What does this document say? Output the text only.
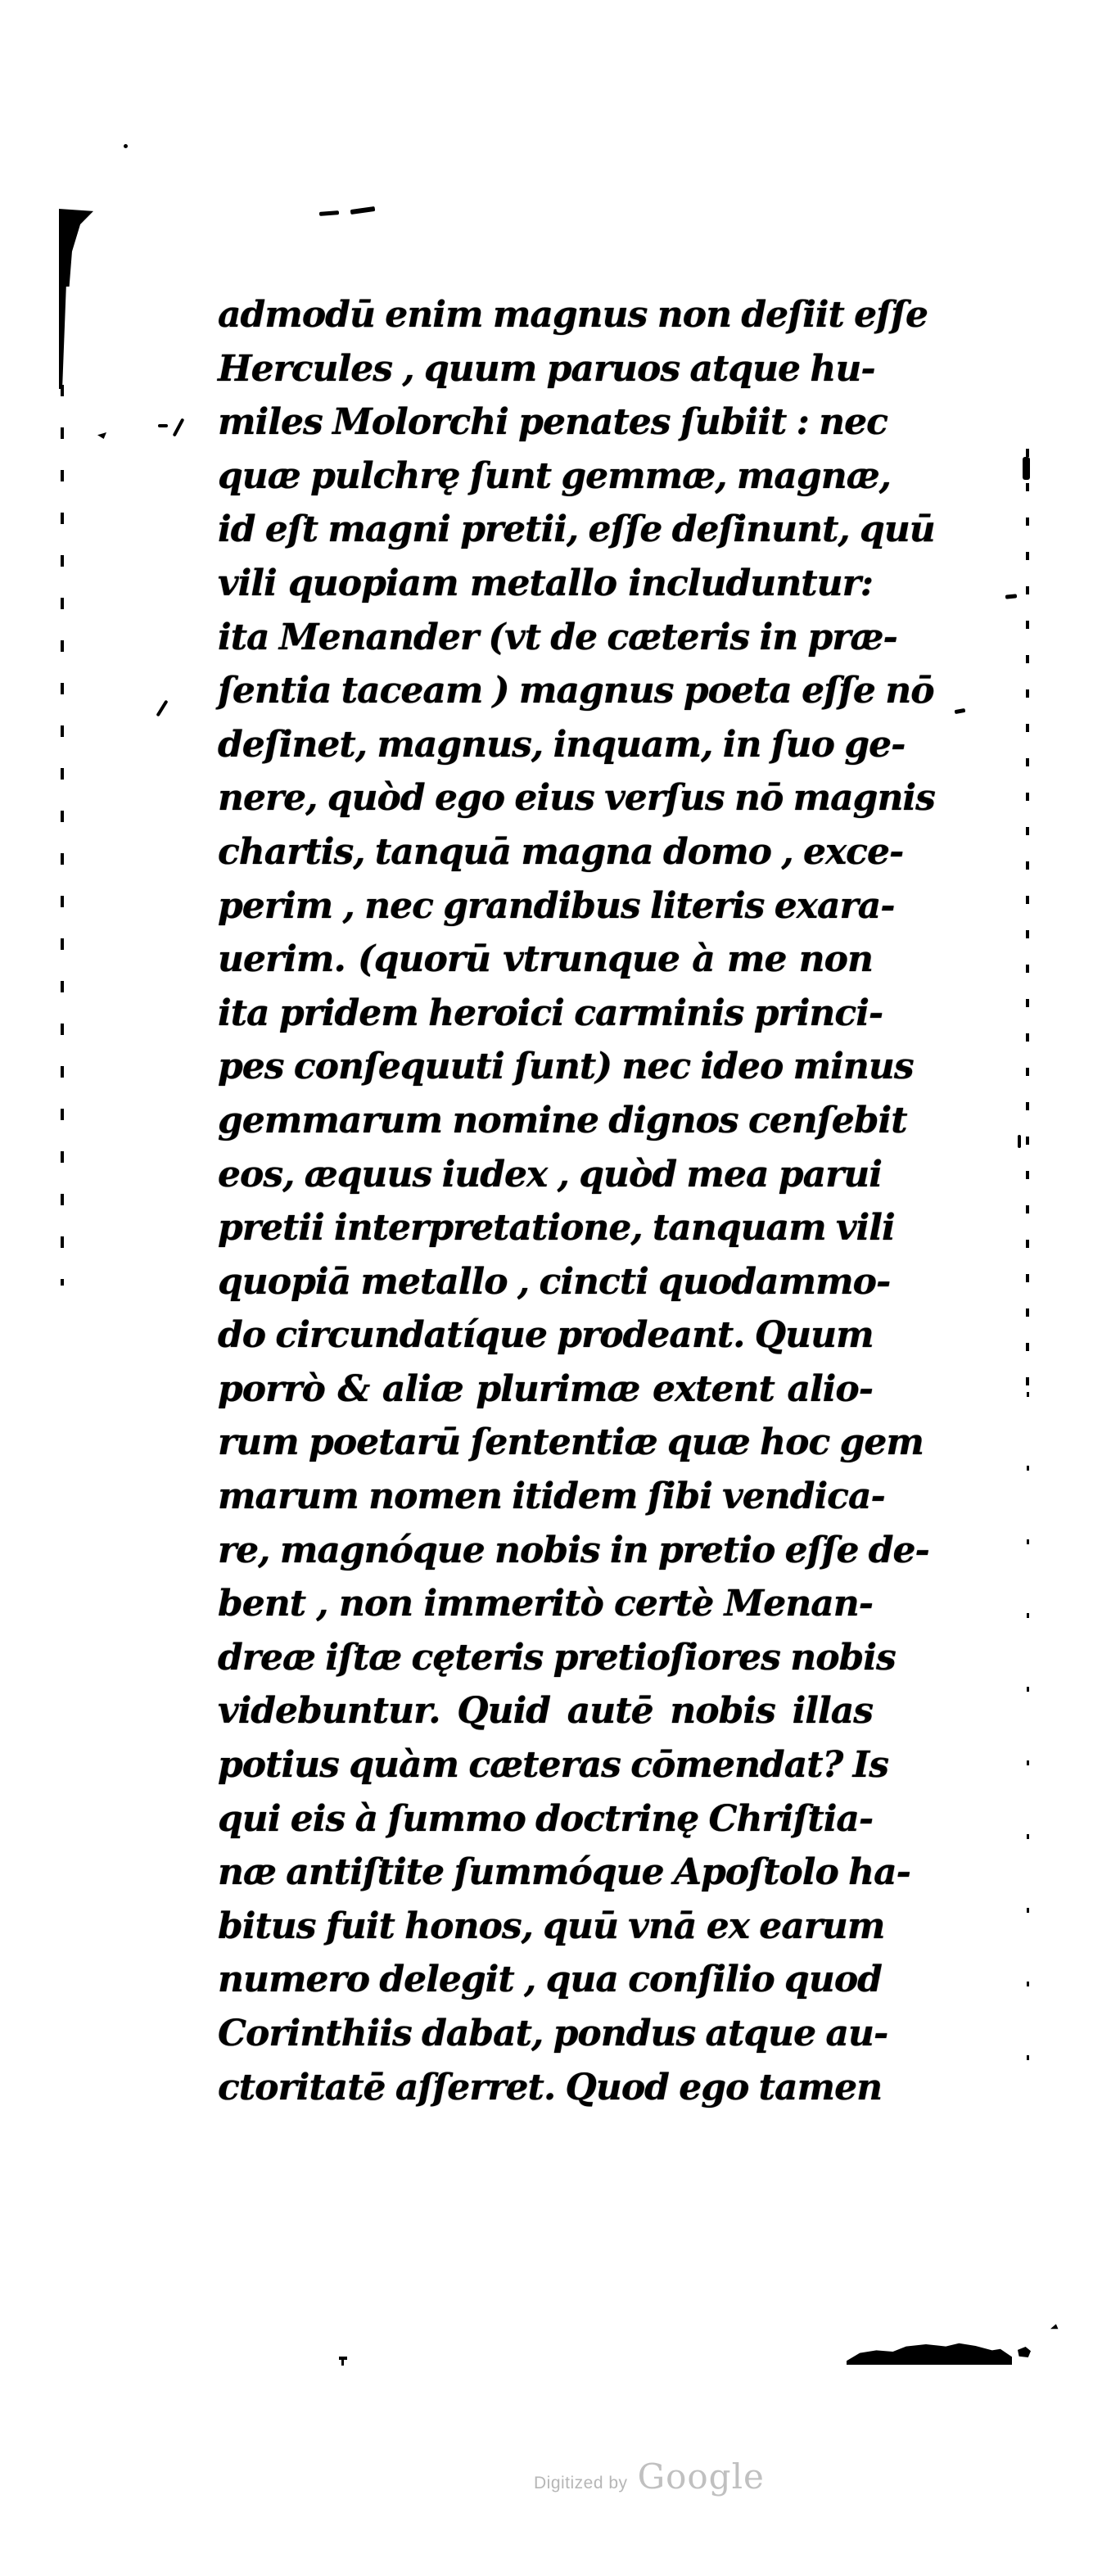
admodū enim magnus non deſiit eſſe
Hercules , quum paruos atque hu-
miles Molorchi penates ſubiit : nec
quæ pulchrę ſunt gemmæ, magnæ,
id eſt magni pretii, eſſe deſinunt, quū
vili quopiam metallo includuntur:
ita Menander (vt de cæteris in præ-
ſentia taceam ) magnus poeta eſſe nō
deſinet, magnus, inquam, in ſuo ge-
nere, quòd ego eius verſus nō magnis
chartis, tanquā magna domo , exce-
perim , nec grandibus literis exara-
uerim. (quorū vtrunque à me non
ita pridem heroici carminis princi-
pes conſequuti ſunt) nec ideo minus
gemmarum nomine dignos cenſebit
eos, æquus iudex , quòd mea parui
pretii interpretatione, tanquam vili
quopiā metallo , cincti quodammo-
do circundatíque prodeant. Quum
porrò & aliæ plurimæ extent alio-
rum poetarū ſententiæ quæ hoc gem
marum nomen itidem ſibi vendica-
re, magnóque nobis in pretio eſſe de-
bent , non immeritò certè Menan-
dreæ iſtæ cęteris pretioſiores nobis
videbuntur. Quid autē nobis illas
potius quàm cæteras cōmendat? Is
qui eis à ſummo doctrinę Chriſtia-
næ antiſtite ſummóque Apoſtolo ha-
bitus fuit honos, quū vnā ex earum
numero delegit , qua conſilio quod
Corinthiis dabat, pondus atque au-
ctoritatē aſſerret. Quod ego tamen
Digitized by Google
